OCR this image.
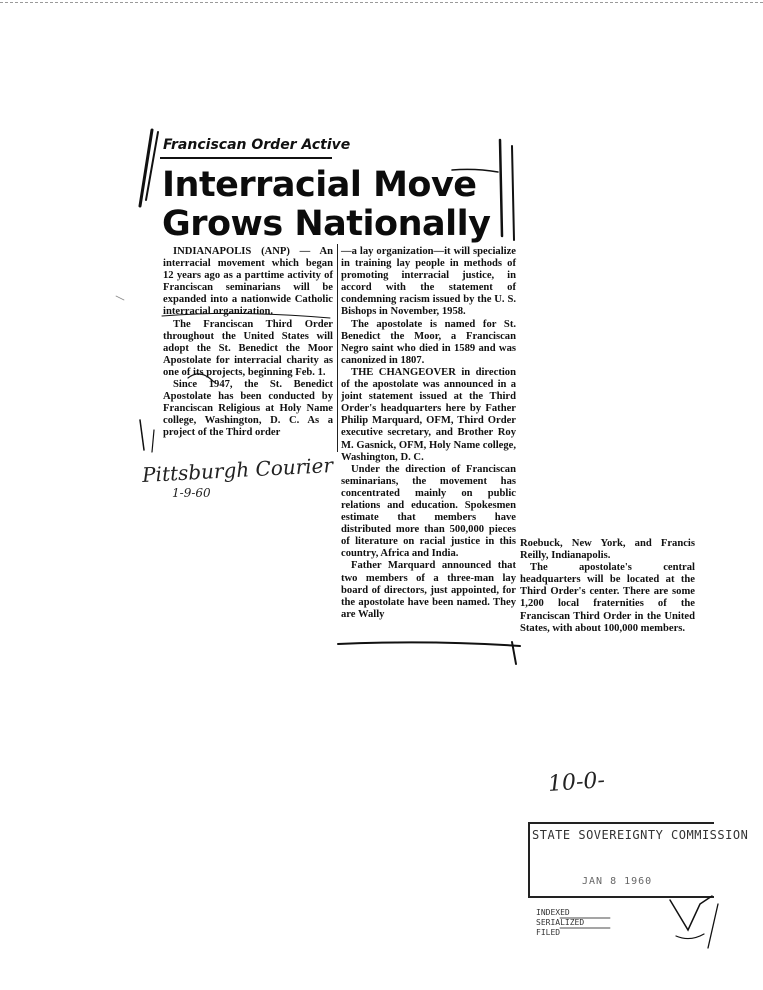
Franciscan Order Active
Interracial Move
Grows Nationally

INDIANAPOLIS (ANP) — An interracial movement which began 12 years ago as a parttime activity of Franciscan seminarians will be expanded into a nationwide Catholic interracial organization.

The Franciscan Third Order throughout the United States will adopt the St. Benedict the Moor Apostolate for interracial charity as one of its projects, beginning Feb. 1.

Since 1947, the St. Benedict Apostolate has been conducted by Franciscan Religious at Holy Name college, Washington, D. C. As a project of the Third order

—a lay organization—it will specialize in training lay people in methods of promoting interracial justice, in accord with the statement of condemning racism issued by the U. S. Bishops in November, 1958.

The apostolate is named for St. Benedict the Moor, a Franciscan Negro saint who died in 1589 and was canonized in 1807.

THE CHANGEOVER in direction of the apostolate was announced in a joint statement issued at the Third Order's headquarters here by Father Philip Marquard, OFM, Third Order executive secretary, and Brother Roy M. Gasnick, OFM, Holy Name college, Washington, D. C.

Under the direction of Franciscan seminarians, the movement has concentrated mainly on public relations and education. Spokesmen estimate that members have distributed more than 500,000 pieces of literature on racial justice in this country, Africa and India.

Father Marquard announced that two members of a three-man lay board of directors, just appointed, for the apostolate have been named. They are Wally

Roebuck, New York, and Francis Reilly, Indianapolis.

The apostolate's central headquarters will be located at the Third Order's center. There are some 1,200 local fraternities of the Franciscan Third Order in the United States, with about 100,000 members.

Pittsburgh Courier
1-9-60
10-0-
STATE SOVEREIGNTY COMMISSION
JAN 8 1960
INDEXED
SERIALIZED
FILED
